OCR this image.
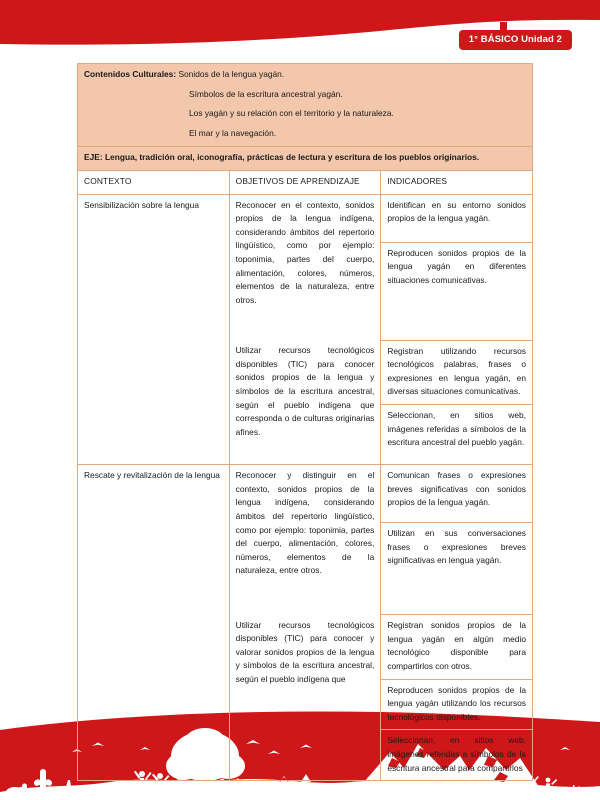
1° BÁSICO Unidad 2
Contenidos Culturales: Sonidos de la lengua yagán.
Símbolos de la escritura ancestral yagán.
Los yagán y su relación con el territorio y la naturaleza.
El mar y la navegación.		

EJE: Lengua, tradición oral, iconografía, prácticas de lectura y escritura de los pueblos originarios.		
CONTEXTO	OBJETIVOS DE APRENDIZAJE	INDICADORES
Sensibilización sobre la lengua	Reconocer en el contexto, sonidos propios de la lengua indígena, considerando ámbitos del repertorio lingüístico, como por ejemplo: toponimia, partes del cuerpo, alimentación, colores, números, elementos de la naturaleza, entre otros.	Identifican en su entorno sonidos propios de la lengua yagán.
		Reproducen sonidos propios de la lengua yagán en diferentes situaciones comunicativas.
	Utilizar recursos tecnológicos disponibles (TIC) para conocer sonidos propios de la lengua y símbolos de la escritura ancestral, según el pueblo indígena que corresponda o de culturas originarias afines.	Registran utilizando recursos tecnológicos palabras, frases o expresiones en lengua yagán, en diversas situaciones comunicativas.
		Seleccionan, en sitios web, imágenes referidas a símbolos de la escritura ancestral del pueblo yagán.
Rescate y revitalización de la lengua	Reconocer y distinguir en el contexto, sonidos propios de la lengua indígena, considerando ámbitos del repertorio lingüístico, como por ejemplo: toponimia, partes del cuerpo, alimentación, colores, números, elementos de la naturaleza, entre otros.	Comunican frases o expresiones breves significativas con sonidos propios de la lengua yagán.
		Utilizan en sus conversaciones frases o expresiones breves significativas en lengua yagán.
	Utilizar recursos tecnológicos disponibles (TIC) para conocer y valorar sonidos propios de la lengua y símbolos de la escritura ancestral, según el pueblo indígena que	Registran sonidos propios de la lengua yagán en algún medio tecnológico disponible para compartirlos con otros.
		Reproducen sonidos propios de la lengua yagán utilizando los recursos tecnológicos disponibles.
		Seleccionan, en sitios web, imágenes referidas a símbolos de la escritura ancestral para compartirlos
